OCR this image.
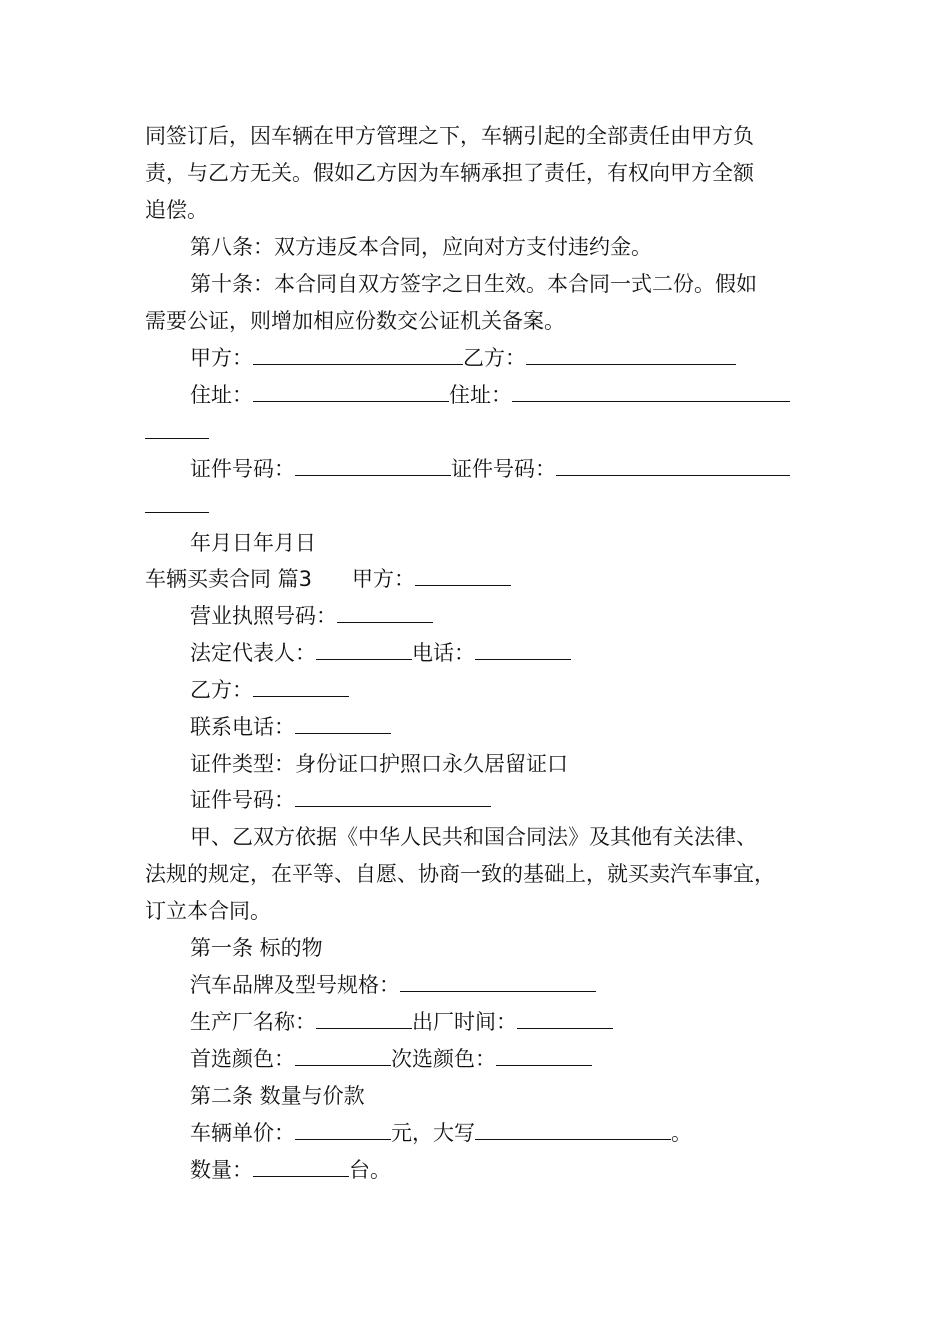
同签订后，因车辆在甲方管理之下，车辆引起的全部责任由甲方负
责，与乙方无关。假如乙方因为车辆承担了责任，有权向甲方全额
追偿。
第八条：双方违反本合同，应向对方支付违约金。
第十条：本合同自双方签字之日生效。本合同一式二份。假如
需要公证，则增加相应份数交公证机关备案。
甲方：	乙方：
住址：	住址：
证件号码：	证件号码：
年月日年月日
车辆买卖合同 篇3 甲方：
营业执照号码：
法定代表人：	电话：
乙方：
联系电话：
证件类型：身份证口护照口永久居留证口
证件号码：
甲、乙双方依据《中华人民共和国合同法》及其他有关法律、
法规的规定，在平等、自愿、协商一致的基础上，就买卖汽车事宜，
订立本合同。
第一条 标的物
汽车品牌及型号规格：
生产厂名称：	出厂时间：
首选颜色：	次选颜色：
第二条 数量与价款
车辆单价：	元，大写	。
数量：	台。
